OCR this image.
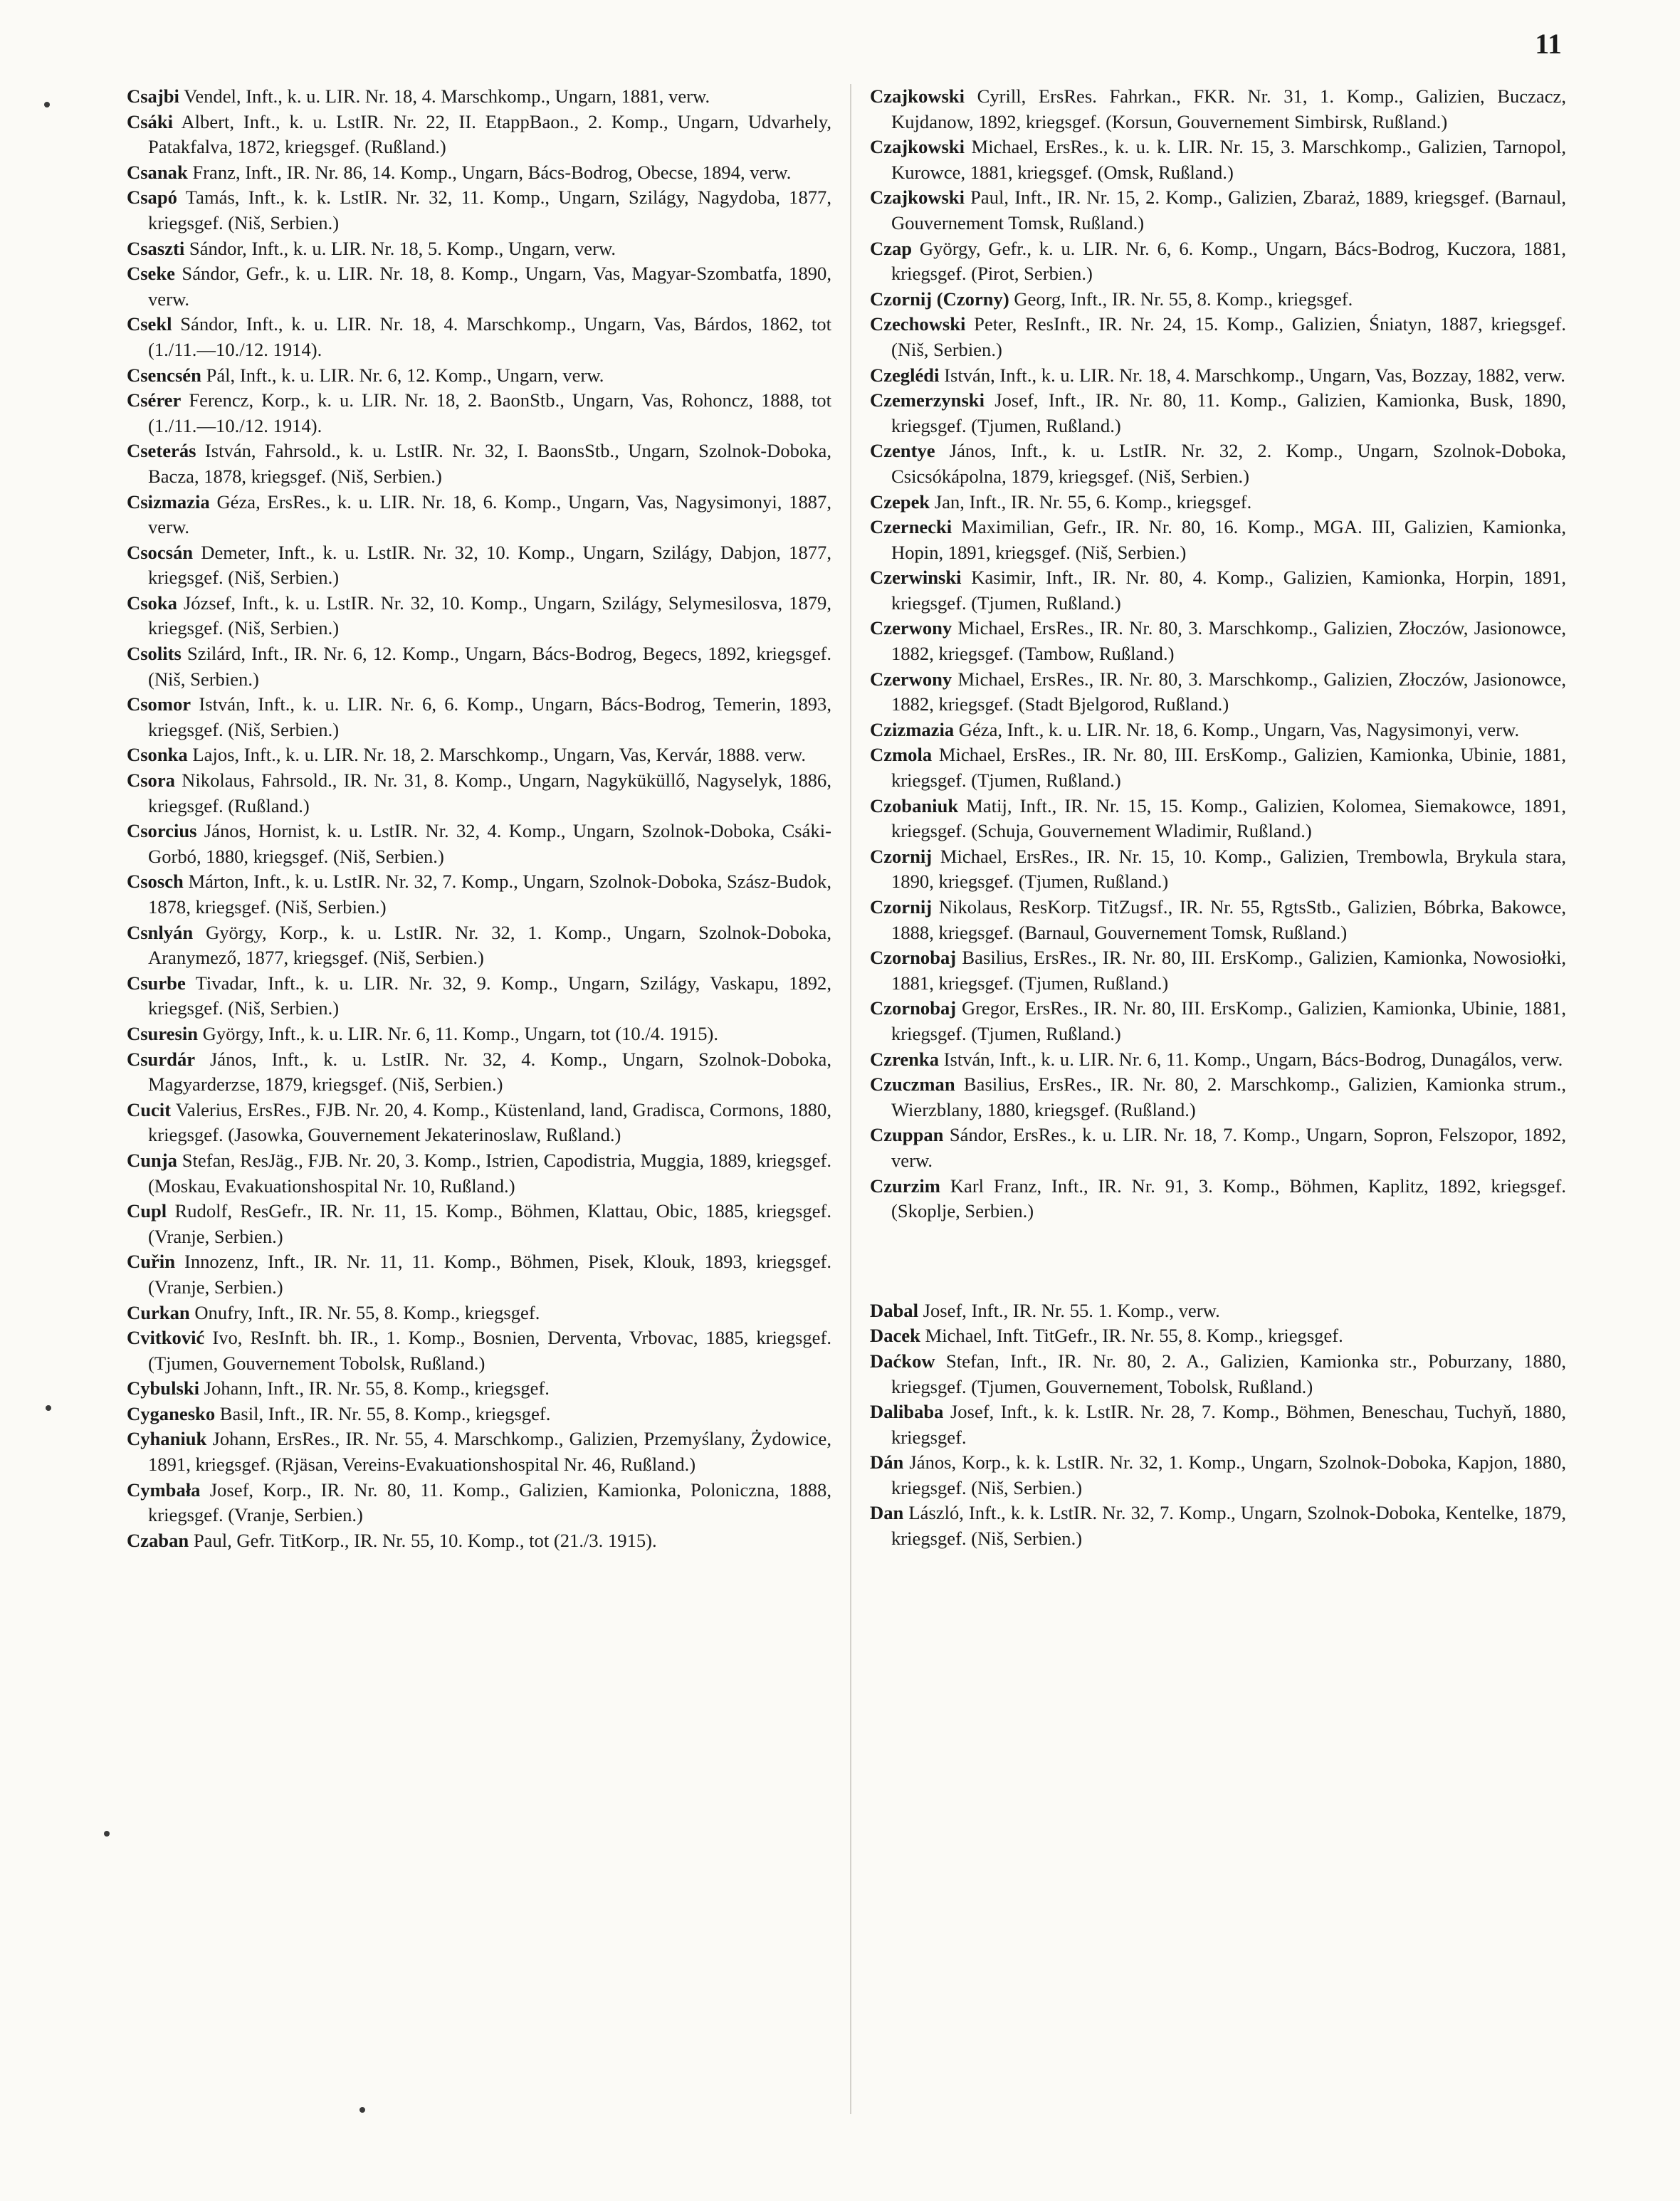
11

Csajbi Vendel, Inft., k. u. LIR. Nr. 18, 4. Marschkomp., Ungarn, 1881, verw.

Csáki Albert, Inft., k. u. LstIR. Nr. 22, II. EtappBaon., 2. Komp., Ungarn, Udvarhely, Patakfalva, 1872, kriegsgef. (Rußland.)

Csanak Franz, Inft., IR. Nr. 86, 14. Komp., Ungarn, Bács-Bodrog, Obecse, 1894, verw.

Csapó Tamás, Inft., k. k. LstIR. Nr. 32, 11. Komp., Ungarn, Szilágy, Nagydoba, 1877, kriegsgef. (Niš, Serbien.)

Csaszti Sándor, Inft., k. u. LIR. Nr. 18, 5. Komp., Ungarn, verw.

Cseke Sándor, Gefr., k. u. LIR. Nr. 18, 8. Komp., Ungarn, Vas, Magyar-Szombatfa, 1890, verw.

Csekl Sándor, Inft., k. u. LIR. Nr. 18, 4. Marschkomp., Ungarn, Vas, Bárdos, 1862, tot (1./11.—10./12. 1914).

Csencsén Pál, Inft., k. u. LIR. Nr. 6, 12. Komp., Ungarn, verw.

Csérer Ferencz, Korp., k. u. LIR. Nr. 18, 2. BaonStb., Ungarn, Vas, Rohoncz, 1888, tot (1./11.—10./12. 1914).

Cseterás István, Fahrsold., k. u. LstIR. Nr. 32, I. BaonsStb., Ungarn, Szolnok-Doboka, Bacza, 1878, kriegsgef. (Niš, Serbien.)

Csizmazia Géza, ErsRes., k. u. LIR. Nr. 18, 6. Komp., Ungarn, Vas, Nagysimonyi, 1887, verw.

Csocsán Demeter, Inft., k. u. LstIR. Nr. 32, 10. Komp., Ungarn, Szilágy, Dabjon, 1877, kriegsgef. (Niš, Serbien.)

Csoka József, Inft., k. u. LstIR. Nr. 32, 10. Komp., Ungarn, Szilágy, Selymesilosva, 1879, kriegsgef. (Niš, Serbien.)

Csolits Szilárd, Inft., IR. Nr. 6, 12. Komp., Ungarn, Bács-Bodrog, Begecs, 1892, kriegsgef. (Niš, Serbien.)

Csomor István, Inft., k. u. LIR. Nr. 6, 6. Komp., Ungarn, Bács-Bodrog, Temerin, 1893, kriegsgef. (Niš, Serbien.)

Csonka Lajos, Inft., k. u. LIR. Nr. 18, 2. Marschkomp., Ungarn, Vas, Kervár, 1888. verw.

Csora Nikolaus, Fahrsold., IR. Nr. 31, 8. Komp., Ungarn, Nagyküküllő, Nagyselyk, 1886, kriegsgef. (Rußland.)

Csorcius János, Hornist, k. u. LstIR. Nr. 32, 4. Komp., Ungarn, Szolnok-Doboka, Csáki-Gorbó, 1880, kriegsgef. (Niš, Serbien.)

Csosch Márton, Inft., k. u. LstIR. Nr. 32, 7. Komp., Ungarn, Szolnok-Doboka, Szász-Budok, 1878, kriegsgef. (Niš, Serbien.)

Csnlyán György, Korp., k. u. LstIR. Nr. 32, 1. Komp., Ungarn, Szolnok-Doboka, Aranymező, 1877, kriegsgef. (Niš, Serbien.)

Csurbe Tivadar, Inft., k. u. LIR. Nr. 32, 9. Komp., Ungarn, Szilágy, Vaskapu, 1892, kriegsgef. (Niš, Serbien.)

Csuresin György, Inft., k. u. LIR. Nr. 6, 11. Komp., Ungarn, tot (10./4. 1915).

Csurdár János, Inft., k. u. LstIR. Nr. 32, 4. Komp., Ungarn, Szolnok-Doboka, Magyarderzse, 1879, kriegsgef. (Niš, Serbien.)

Cucit Valerius, ErsRes., FJB. Nr. 20, 4. Komp., Küstenland, land, Gradisca, Cormons, 1880, kriegsgef. (Jasowka, Gouvernement Jekaterinoslaw, Rußland.)

Cunja Stefan, ResJäg., FJB. Nr. 20, 3. Komp., Istrien, Capodistria, Muggia, 1889, kriegsgef. (Moskau, Evakuationshospital Nr. 10, Rußland.)

Cupl Rudolf, ResGefr., IR. Nr. 11, 15. Komp., Böhmen, Klattau, Obic, 1885, kriegsgef. (Vranje, Serbien.)

Cuřin Innozenz, Inft., IR. Nr. 11, 11. Komp., Böhmen, Pisek, Klouk, 1893, kriegsgef. (Vranje, Serbien.)

Curkan Onufry, Inft., IR. Nr. 55, 8. Komp., kriegsgef.

Cvitković Ivo, ResInft. bh. IR., 1. Komp., Bosnien, Derventa, Vrbovac, 1885, kriegsgef. (Tjumen, Gouvernement Tobolsk, Rußland.)

Cybulski Johann, Inft., IR. Nr. 55, 8. Komp., kriegsgef.

Cyganesko Basil, Inft., IR. Nr. 55, 8. Komp., kriegsgef.

Cyhaniuk Johann, ErsRes., IR. Nr. 55, 4. Marschkomp., Galizien, Przemyślany, Żydowice, 1891, kriegsgef. (Rjäsan, Vereins-Evakuationshospital Nr. 46, Rußland.)

Cymbała Josef, Korp., IR. Nr. 80, 11. Komp., Galizien, Kamionka, Poloniczna, 1888, kriegsgef. (Vranje, Serbien.)

Czaban Paul, Gefr. TitKorp., IR. Nr. 55, 10. Komp., tot (21./3. 1915).

Czajkowski Cyrill, ErsRes. Fahrkan., FKR. Nr. 31, 1. Komp., Galizien, Buczacz, Kujdanow, 1892, kriegsgef. (Korsun, Gouvernement Simbirsk, Rußland.)

Czajkowski Michael, ErsRes., k. u. k. LIR. Nr. 15, 3. Marschkomp., Galizien, Tarnopol, Kurowce, 1881, kriegsgef. (Omsk, Rußland.)

Czajkowski Paul, Inft., IR. Nr. 15, 2. Komp., Galizien, Zbaraż, 1889, kriegsgef. (Barnaul, Gouvernement Tomsk, Rußland.)

Czap György, Gefr., k. u. LIR. Nr. 6, 6. Komp., Ungarn, Bács-Bodrog, Kuczora, 1881, kriegsgef. (Pirot, Serbien.)

Czornij (Czorny) Georg, Inft., IR. Nr. 55, 8. Komp., kriegsgef.

Czechowski Peter, ResInft., IR. Nr. 24, 15. Komp., Galizien, Śniatyn, 1887, kriegsgef. (Niš, Serbien.)

Czeglédi István, Inft., k. u. LIR. Nr. 18, 4. Marschkomp., Ungarn, Vas, Bozzay, 1882, verw.

Czemerzynski Josef, Inft., IR. Nr. 80, 11. Komp., Galizien, Kamionka, Busk, 1890, kriegsgef. (Tjumen, Rußland.)

Czentye János, Inft., k. u. LstIR. Nr. 32, 2. Komp., Ungarn, Szolnok-Doboka, Csicsókápolna, 1879, kriegsgef. (Niš, Serbien.)

Czepek Jan, Inft., IR. Nr. 55, 6. Komp., kriegsgef.

Czernecki Maximilian, Gefr., IR. Nr. 80, 16. Komp., MGA. III, Galizien, Kamionka, Hopin, 1891, kriegsgef. (Niš, Serbien.)

Czerwinski Kasimir, Inft., IR. Nr. 80, 4. Komp., Galizien, Kamionka, Horpin, 1891, kriegsgef. (Tjumen, Rußland.)

Czerwony Michael, ErsRes., IR. Nr. 80, 3. Marschkomp., Galizien, Złoczów, Jasionowce, 1882, kriegsgef. (Tambow, Rußland.)

Czerwony Michael, ErsRes., IR. Nr. 80, 3. Marschkomp., Galizien, Złoczów, Jasionowce, 1882, kriegsgef. (Stadt Bjelgorod, Rußland.)

Czizmazia Géza, Inft., k. u. LIR. Nr. 18, 6. Komp., Ungarn, Vas, Nagysimonyi, verw.

Czmola Michael, ErsRes., IR. Nr. 80, III. ErsKomp., Galizien, Kamionka, Ubinie, 1881, kriegsgef. (Tjumen, Rußland.)

Czobaniuk Matij, Inft., IR. Nr. 15, 15. Komp., Galizien, Kolomea, Siemakowce, 1891, kriegsgef. (Schuja, Gouvernement Wladimir, Rußland.)

Czornij Michael, ErsRes., IR. Nr. 15, 10. Komp., Galizien, Trembowla, Brykula stara, 1890, kriegsgef. (Tjumen, Rußland.)

Czornij Nikolaus, ResKorp. TitZugsf., IR. Nr. 55, RgtsStb., Galizien, Bóbrka, Bakowce, 1888, kriegsgef. (Barnaul, Gouvernement Tomsk, Rußland.)

Czornobaj Basilius, ErsRes., IR. Nr. 80, III. ErsKomp., Galizien, Kamionka, Nowosiołki, 1881, kriegsgef. (Tjumen, Rußland.)

Czornobaj Gregor, ErsRes., IR. Nr. 80, III. ErsKomp., Galizien, Kamionka, Ubinie, 1881, kriegsgef. (Tjumen, Rußland.)

Czrenka István, Inft., k. u. LIR. Nr. 6, 11. Komp., Ungarn, Bács-Bodrog, Dunagálos, verw.

Czuczman Basilius, ErsRes., IR. Nr. 80, 2. Marschkomp., Galizien, Kamionka strum., Wierzblany, 1880, kriegsgef. (Rußland.)

Czuppan Sándor, ErsRes., k. u. LIR. Nr. 18, 7. Komp., Ungarn, Sopron, Felszopor, 1892, verw.

Czurzim Karl Franz, Inft., IR. Nr. 91, 3. Komp., Böhmen, Kaplitz, 1892, kriegsgef. (Skoplje, Serbien.)

Dabal Josef, Inft., IR. Nr. 55. 1. Komp., verw.

Dacek Michael, Inft. TitGefr., IR. Nr. 55, 8. Komp., kriegsgef.

Daćkow Stefan, Inft., IR. Nr. 80, 2. A., Galizien, Kamionka str., Poburzany, 1880, kriegsgef. (Tjumen, Gouvernement, Tobolsk, Rußland.)

Dalibaba Josef, Inft., k. k. LstIR. Nr. 28, 7. Komp., Böhmen, Beneschau, Tuchyň, 1880, kriegsgef.

Dán János, Korp., k. k. LstIR. Nr. 32, 1. Komp., Ungarn, Szolnok-Doboka, Kapjon, 1880, kriegsgef. (Niš, Serbien.)

Dan László, Inft., k. k. LstIR. Nr. 32, 7. Komp., Ungarn, Szolnok-Doboka, Kentelke, 1879, kriegsgef. (Niš, Serbien.)
